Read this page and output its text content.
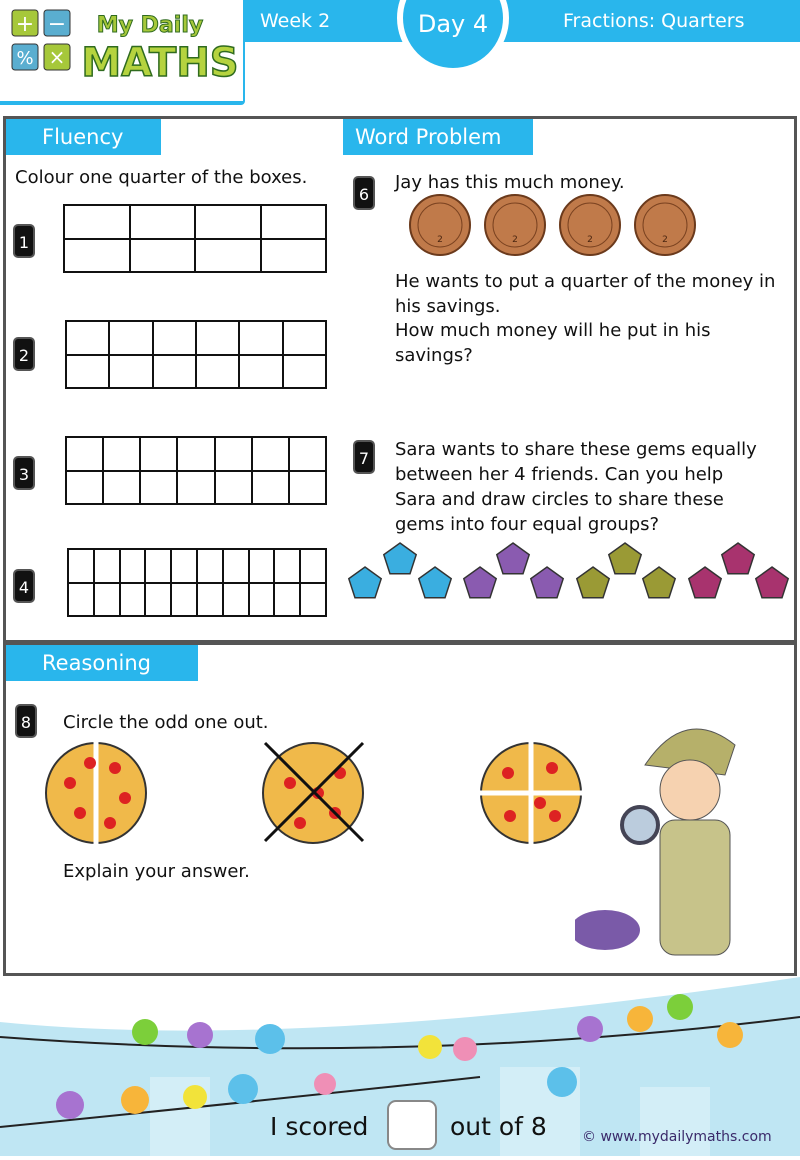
+ −
% ×
My Daily
MATHS
Week 2	Day 4	Fractions: Quarters
Fluency
Colour one quarter of the boxes.
1
2
3
4
Word Problem
6
Jay has this much money.
2	2	2	2
He wants to put a quarter of the money in his savings.
How much money will he put in his savings?
7	Sara wants to share these gems equally between her 4 friends. Can you help Sara and draw circles to share these gems into four equal groups?
Reasoning
8	Circle the odd one out.
Explain your answer.
I scored	out of 8	© www.mydailymaths.com
